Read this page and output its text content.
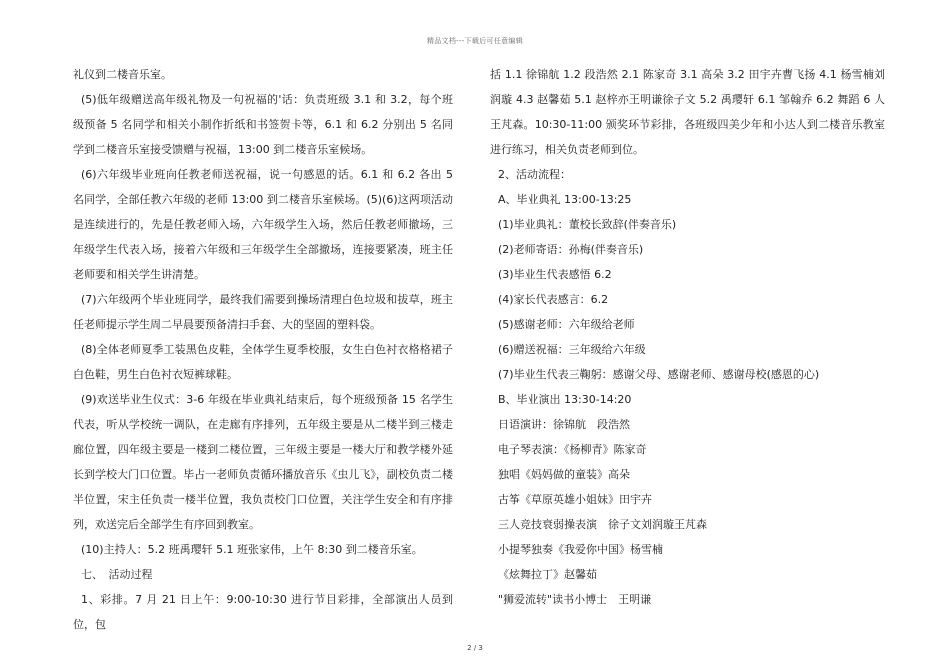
精品文档---下载后可任意编辑

礼仪到二楼音乐室。

(5)低年级赠送高年级礼物及一句祝福的'话：负责班级 3.1 和 3.2，每个班级预备 5 名同学和相关小制作折纸和书签贺卡等，6.1 和 6.2 分别出 5 名同学到二楼音乐室接受馈赠与祝福，13:00 到二楼音乐室候场。

(6)六年级毕业班向任教老师送祝福，说一句感恩的话。6.1 和 6.2 各出 5 名同学，全部任教六年级的老师 13:00 到二楼音乐室候场。(5)(6)这两项活动是连续进行的，先是任教老师入场，六年级学生入场，然后任教老师撤场，三年级学生代表入场，接着六年级和三年级学生全部撤场，连接要紧凑，班主任老师要和相关学生讲清楚。

(7)六年级两个毕业班同学，最终我们需要到操场清理白色垃圾和拔草，班主任老师提示学生周二早晨要预备清扫手套、大的坚固的塑料袋。

(8)全体老师夏季工装黑色皮鞋，全体学生夏季校服，女生白色衬衣格格裙子白色鞋，男生白色衬衣短裤球鞋。

(9)欢送毕业生仪式：3-6 年级在毕业典礼结束后，每个班级预备 15 名学生代表，听从学校统一调队，在走廊有序排列，五年级主要是从二楼半到三楼走廊位置，四年级主要是一楼到二楼位置，三年级主要是一楼大厅和教学楼外延长到学校大门口位置。毕占一老师负责循环播放音乐《虫儿飞》，副校负责二楼半位置，宋主任负责一楼半位置，我负责校门口位置，关注学生安全和有序排列，欢送完后全部学生有序回到教室。

(10)主持人：5.2 班禹璎轩 5.1 班张家伟，上午 8:30 到二楼音乐室。

七、　活动过程

1、彩排。7 月 21 日上午：9:00-10:30 进行节目彩排，全部演出人员到位，包

括 1.1 徐锦航 1.2 段浩然 2.1 陈家奇 3.1 高朵 3.2 田宇卉曹飞扬 4.1 杨雪楠刘润璇 4.3 赵馨茹 5.1 赵梓亦王明谦徐子文 5.2 禹璎轩 6.1 邹翰乔 6.2 舞蹈 6 人王芃森。10:30-11:00 颁奖环节彩排，各班级四美少年和小达人到二楼音乐教室进行练习，相关负责老师到位。

2、活动流程：

A、毕业典礼 13:00-13:25

(1)毕业典礼：董校长致辞(伴奏音乐)

(2)老师寄语：孙梅(伴奏音乐)

(3)毕业生代表感悟 6.2

(4)家长代表感言：6.2

(5)感谢老师：六年级给老师

(6)赠送祝福：三年级给六年级

(7)毕业生代表三鞠躬：感谢父母、感谢老师、感谢母校(感恩的心)

B、毕业演出 13:30-14:20

日语演讲：徐锦航　段浩然

电子琴表演：《杨柳青》陈家奇

独唱《妈妈做的童装》高朵

古筝《草原英雄小姐妹》田宇卉

三人竞技衰弱操表演　徐子文刘润璇王芃森

小提琴独奏《我爱你中国》杨雪楠

《炫舞拉丁》赵馨茹

"狮爱流转"读书小博士　王明谦

2 / 3
